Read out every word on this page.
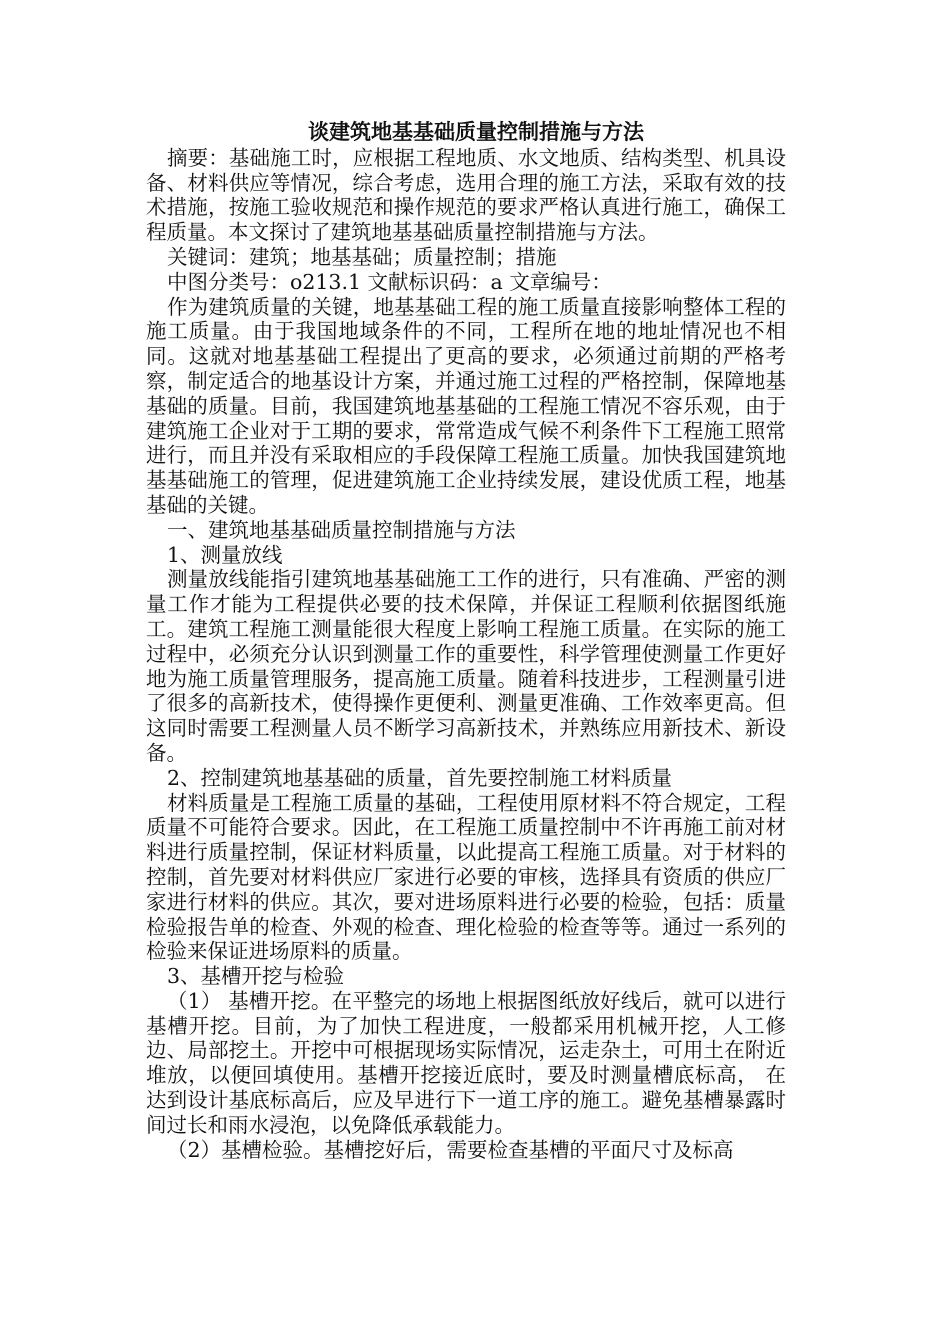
谈建筑地基基础质量控制措施与方法

摘要：基础施工时，应根据工程地质、水文地质、结构类型、机具设备、材料供应等情况，综合考虑，选用合理的施工方法，采取有效的技术措施，按施工验收规范和操作规范的要求严格认真进行施工，确保工程质量。本文探讨了建筑地基基础质量控制措施与方法。

关键词：建筑；地基基础；质量控制；措施

中图分类号：o213.1 文献标识码：a 文章编号：

作为建筑质量的关键，地基基础工程的施工质量直接影响整体工程的施工质量。由于我国地域条件的不同，工程所在地的地址情况也不相同。这就对地基基础工程提出了更高的要求，必须通过前期的严格考察，制定适合的地基设计方案，并通过施工过程的严格控制，保障地基基础的质量。目前，我国建筑地基基础的工程施工情况不容乐观，由于建筑施工企业对于工期的要求，常常造成气候不利条件下工程施工照常进行，而且并没有采取相应的手段保障工程施工质量。加快我国建筑地基基础施工的管理，促进建筑施工企业持续发展，建设优质工程，地基基础的关键。

一、建筑地基基础质量控制措施与方法

1、测量放线

测量放线能指引建筑地基基础施工工作的进行，只有准确、严密的测量工作才能为工程提供必要的技术保障，并保证工程顺利依据图纸施工。建筑工程施工测量能很大程度上影响工程施工质量。在实际的施工过程中，必须充分认识到测量工作的重要性，科学管理使测量工作更好地为施工质量管理服务，提高施工质量。随着科技进步，工程测量引进了很多的高新技术，使得操作更便利、测量更准确、工作效率更高。但这同时需要工程测量人员不断学习高新技术，并熟练应用新技术、新设备。

2、控制建筑地基基础的质量，首先要控制施工材料质量

材料质量是工程施工质量的基础，工程使用原材料不符合规定，工程质量不可能符合要求。因此，在工程施工质量控制中不许再施工前对材料进行质量控制，保证材料质量，以此提高工程施工质量。对于材料的控制，首先要对材料供应厂家进行必要的审核，选择具有资质的供应厂家进行材料的供应。其次，要对进场原料进行必要的检验，包括：质量检验报告单的检查、外观的检查、理化检验的检查等等。通过一系列的检验来保证进场原料的质量。

3、基槽开挖与检验

（1） 基槽开挖。在平整完的场地上根据图纸放好线后，就可以进行基槽开挖。目前，为了加快工程进度，一般都采用机械开挖，人工修边、局部挖土。开挖中可根据现场实际情况，运走杂土，可用土在附近堆放，以便回填使用。基槽开挖接近底时，要及时测量槽底标高， 在达到设计基底标高后，应及早进行下一道工序的施工。避免基槽暴露时间过长和雨水浸泡，以免降低承载能力。

（2）基槽检验。基槽挖好后，需要检查基槽的平面尺寸及标高
